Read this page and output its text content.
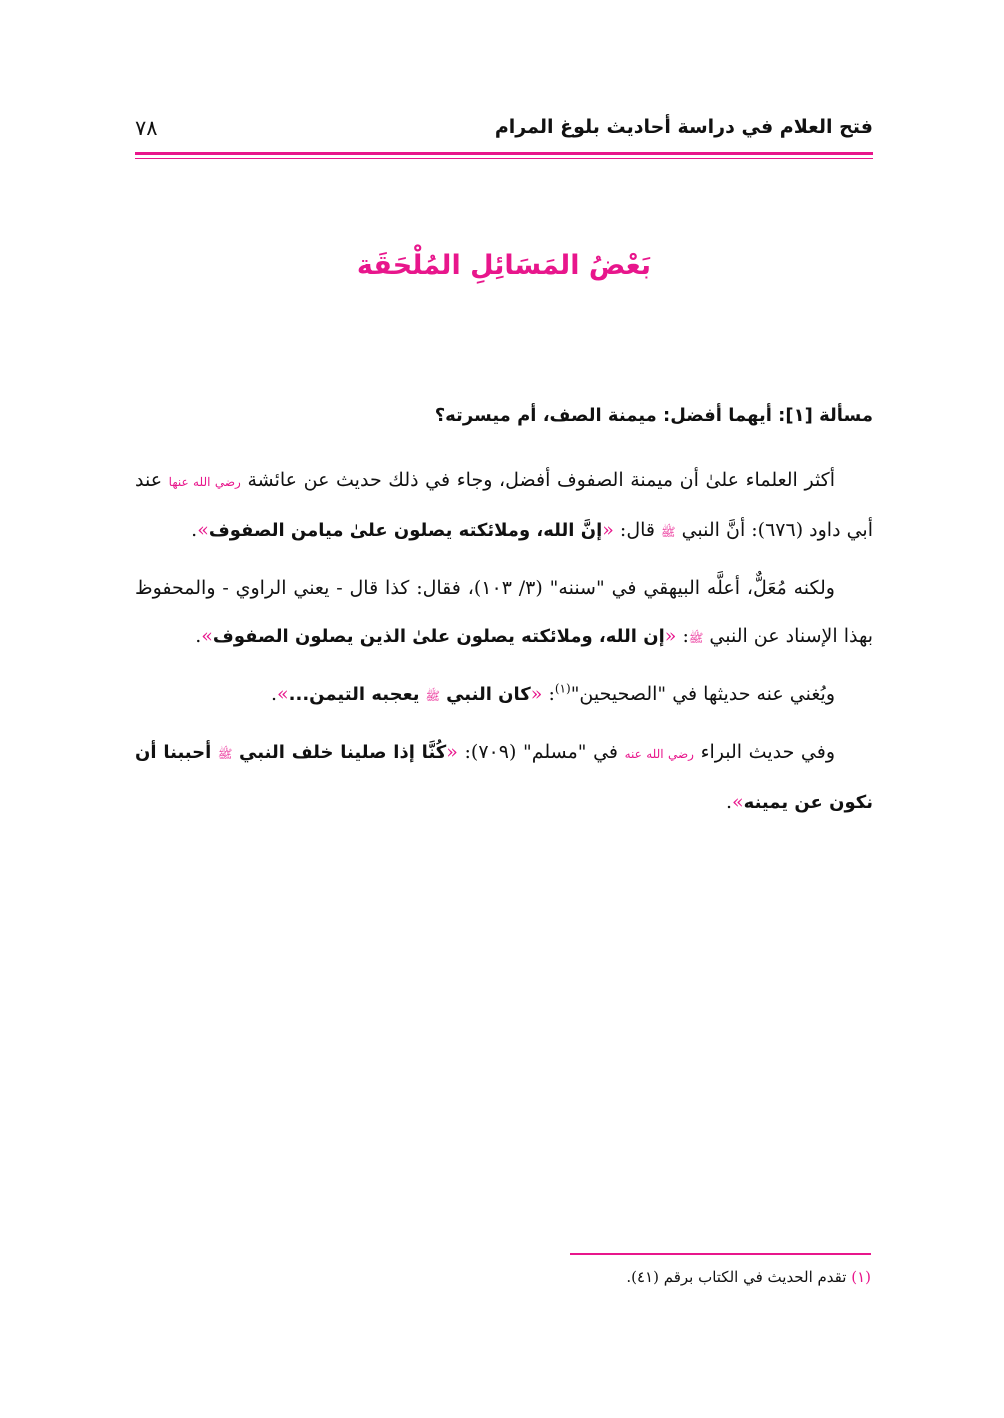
فتح العلام في دراسة أحاديث بلوغ المرام
٧٨
بَعْضُ المَسَائِلِ المُلْحَقَة

مسألة [١]: أيهما أفضل: ميمنة الصف، أم ميسرته؟

أكثر العلماء علىٰ أن ميمنة الصفوف أفضل، وجاء في ذلك حديث عن عائشة رضي الله عنها عند أبي داود (٦٧٦): أنَّ النبي ﷺ قال: «إنَّ الله، وملائكته يصلون علىٰ ميامن الصفوف».

ولكنه مُعَلٌّ، أعلَّه البيهقي في "سننه" (٣/ ١٠٣)، فقال: كذا قال - يعني الراوي - والمحفوظ بهذا الإسناد عن النبي ﷺ: «إن الله، وملائكته يصلون علىٰ الذين يصلون الصفوف».

ويُغني عنه حديثها في "الصحيحين"$^{(١)}$: «كان النبي ﷺ يعجبه التيمن...».

وفي حديث البراء رضي الله عنه في "مسلم" (٧٠٩): «كُنَّا إذا صلينا خلف النبي ﷺ أحببنا أن نكون عن يمينه».

(١) تقدم الحديث في الكتاب برقم (٤١).
